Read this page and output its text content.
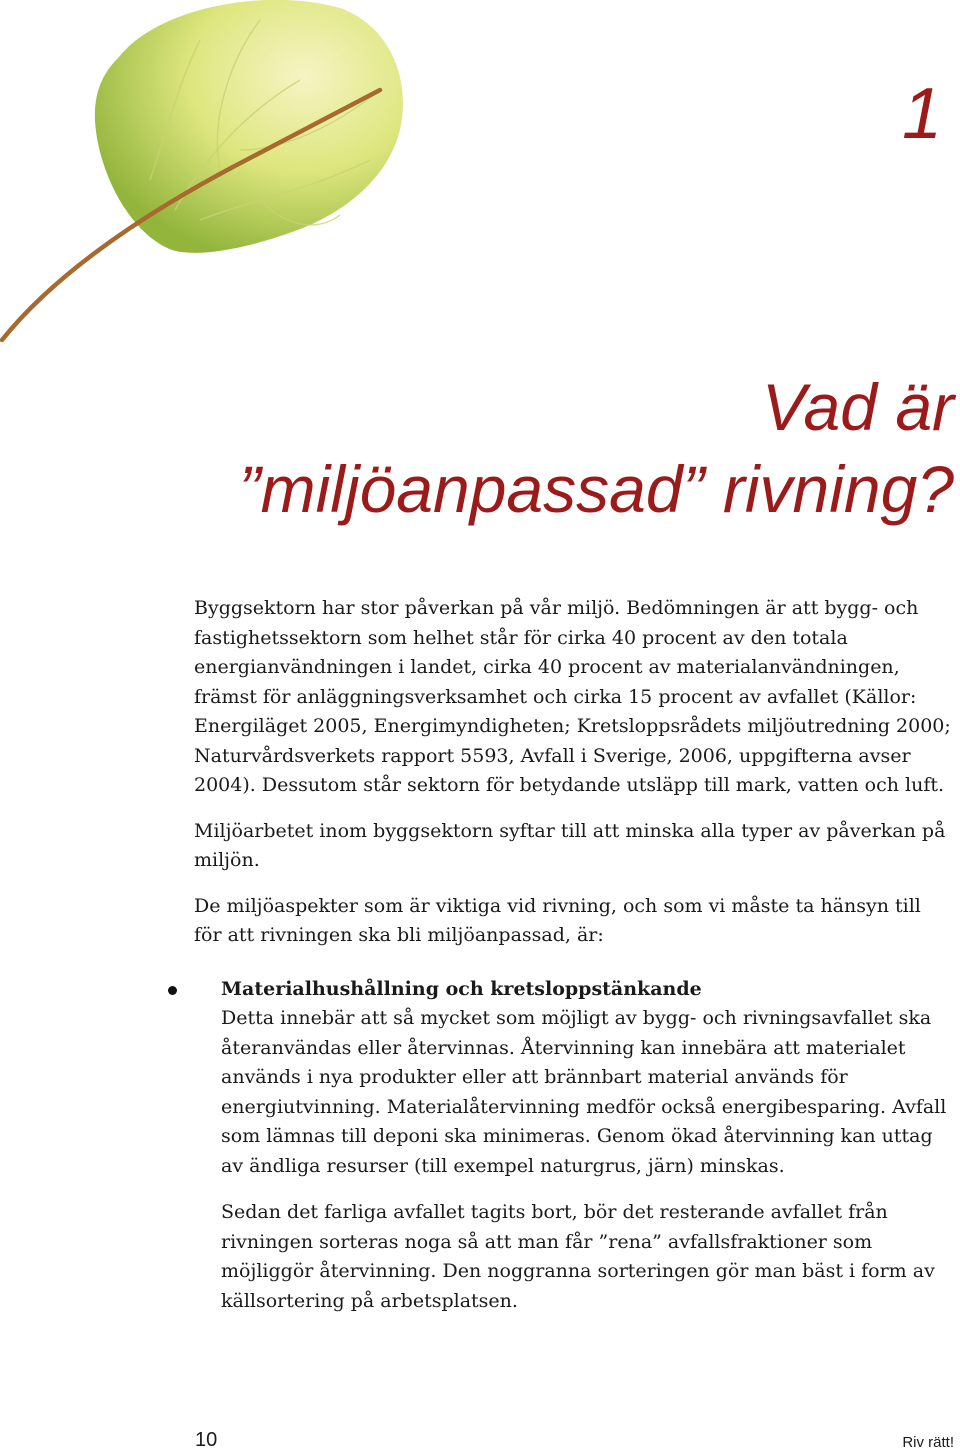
1
Vad är
”miljöanpassad” rivning?

Byggsektorn har stor påverkan på vår miljö. Bedömningen är att bygg- och fastighetssektorn som helhet står för cirka 40 procent av den totala energianvändningen i landet, cirka 40 procent av materialanvändningen, främst för anläggningsverksamhet och cirka 15 procent av avfallet (Källor: Energiläget 2005, Energimyndigheten; Kretsloppsrådets miljöutredning 2000; Naturvårdsverkets rapport 5593, Avfall i Sverige, 2006, uppgifterna avser 2004). Dessutom står sektorn för betydande utsläpp till mark, vatten och luft.

Miljöarbetet inom byggsektorn syftar till att minska alla typer av påverkan på miljön.

De miljöaspekter som är viktiga vid rivning, och som vi måste ta hänsyn till för att rivningen ska bli miljöanpassad, är:

Materialhushållning och kretsloppstänkande

Detta innebär att så mycket som möjligt av bygg- och rivningsavfallet ska återanvändas eller återvinnas. Återvinning kan innebära att materialet används i nya produkter eller att brännbart material används för energiutvinning. Materialåtervinning medför också energibesparing. Avfall som lämnas till deponi ska minimeras. Genom ökad återvinning kan uttag av ändliga resurser (till exempel naturgrus, järn) minskas.

Sedan det farliga avfallet tagits bort, bör det resterande avfallet från rivningen sorteras noga så att man får ”rena” avfallsfraktioner som möjliggör återvinning. Den noggranna sorteringen gör man bäst i form av källsortering på arbetsplatsen.

10	Riv rätt!
